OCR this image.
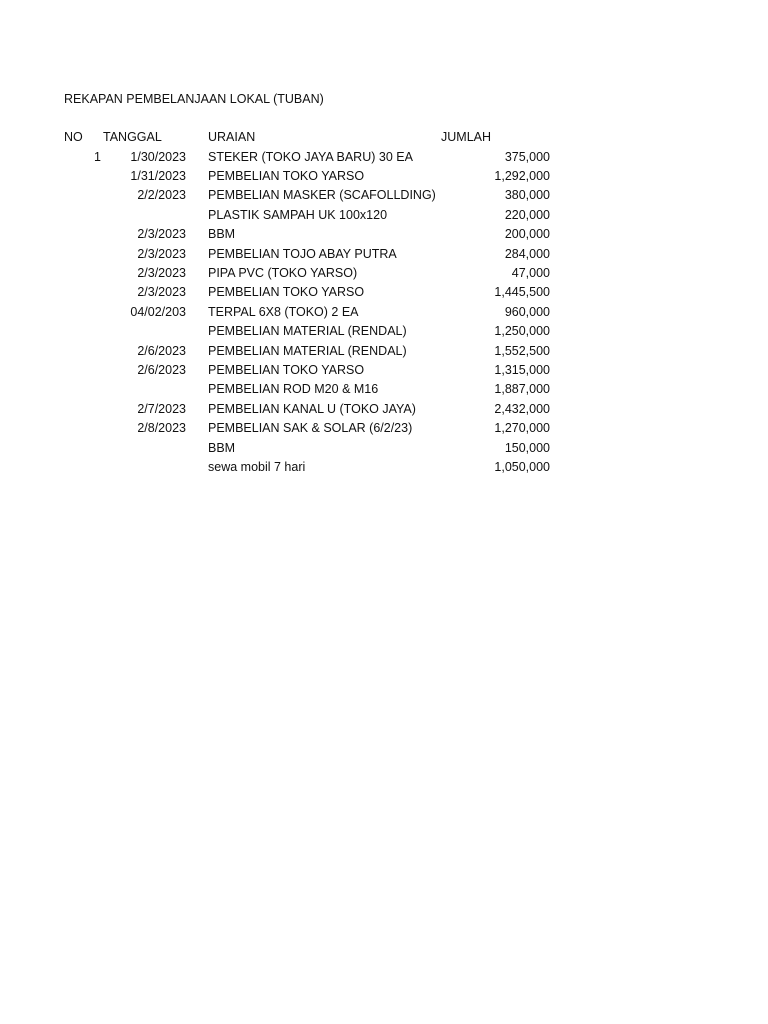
REKAPAN PEMBELANJAAN LOKAL (TUBAN)
NO TANGGAL	URAIAN	JUMLAH
1	1/30/2023 STEKER (TOKO JAYA BARU) 30 EA	375,000
1/31/2023 PEMBELIAN TOKO YARSO	1,292,000
2/2/2023 PEMBELIAN MASKER (SCAFOLLDING)	380,000
PLASTIK SAMPAH UK 100x120	220,000
2/3/2023 BBM	200,000
2/3/2023 PEMBELIAN TOJO ABAY PUTRA	284,000
2/3/2023 PIPA PVC (TOKO YARSO)	47,000
2/3/2023 PEMBELIAN TOKO YARSO	1,445,500
04/02/203 TERPAL 6X8 (TOKO) 2 EA	960,000
PEMBELIAN MATERIAL (RENDAL)	1,250,000
2/6/2023 PEMBELIAN MATERIAL (RENDAL)	1,552,500
2/6/2023 PEMBELIAN TOKO YARSO	1,315,000
PEMBELIAN ROD M20 & M16	1,887,000
2/7/2023 PEMBELIAN KANAL U (TOKO JAYA)	2,432,000
2/8/2023 PEMBELIAN SAK & SOLAR (6/2/23)	1,270,000
BBM	150,000
sewa mobil 7 hari	1,050,000
